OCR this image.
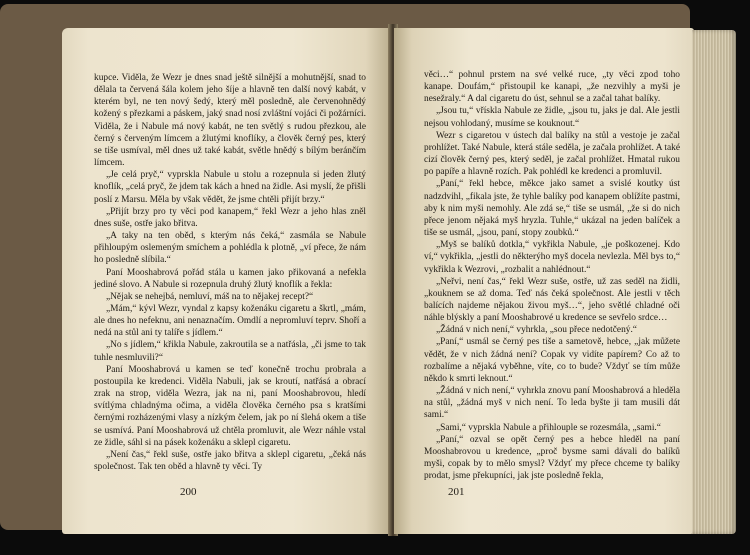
kupce. Viděla, že Wezr je dnes snad ještě silnější a mohutnější, snad to dělala ta červená šála kolem jeho šíje a hlavně ten další nový kabát, v kterém byl, ne ten nový šedý, který měl posledně, ale červenohnědý kožený s přezkami a páskem, jaký snad nosí zvláštní vojáci či požárníci. Viděla, že i Nabule má nový kabát, ne ten světlý s rudou přezkou, ale černý s červeným límcem a žlutými knoflíky, a člověk černý pes, který se tiše usmíval, měl dnes už také kabát, světle hnědý s bílým beránčím límcem.

„Je celá pryč,“ vyprskla Nabule u stolu a rozepnula si jeden žlutý knoflík, „celá pryč, že jdem tak kách a hned na židle. Asi myslí, že přišli poslí z Marsu. Měla by však vědět, že jsme chtěli přijít brzy.“

„Přijít brzy pro ty věci pod kanapem,“ řekl Wezr a jeho hlas zněl dnes suše, ostře jako břitva.

„A taky na ten oběd, s kterým nás čeká,“ zasmála se Nabule přihloupým oslemeným smíchem a pohlédla k plotně, „ví přece, že nám ho posledně slíbila.“

Paní Mooshabrová pořád stála u kamen jako přikovaná a nefekla jediné slovo. A Nabule si rozepnula druhý žlutý knoflík a řekla:

„Nějak se nehejbá, nemluví, máš na to nějakej recept?“

„Mám,“ kývl Wezr, vyndal z kapsy koženáku cigaretu a škrtl, „mám, ale dnes ho nefeknu, ani nenaznačím. Omdlí a nepromluví teprv. Shoří a nedá na stůl ani ty talíře s jídlem.“

„No s jídlem,“ křikla Nabule, zakroutila se a natřásla, „či jsme to tak tuhle nesmluvili?“

Paní Mooshabrová u kamen se teď konečně trochu probrala a postoupila ke kredenci. Viděla Nabuli, jak se kroutí, natřásá a obrací zrak na strop, viděla Wezra, jak na ni, paní Mooshabrovou, hledí svítlýma chladnýma očima, a viděla člověka černého psa s kratšími černými rozházenými vlasy a nízkým čelem, jak po ní šlehá okem a tiše se usmívá. Paní Mooshabrová už chtěla promluvit, ale Wezr náhle vstal ze židle, sáhl si na pásek koženáku a sklepl cigaretu.

„Není čas,“ řekl suše, ostře jako břitva a sklepl cigaretu, „čeká nás společnost. Tak ten oběd a hlavně ty věci. Ty

200

věci…“ pohnul prstem na své velké ruce, „ty věci zpod toho kanape. Doufám,“ přistoupil ke kanapi, „že nezvihly a myši je nesežraly.“ A dal cigaretu do úst, sehnul se a začal tahat balíky.

„Jsou tu,“ vřískla Nabule ze židle, „jsou tu, jaks je dal. Ale jestli nejsou vohlodaný, musíme se kouknout.“

Wezr s cigaretou v ústech dal balíky na stůl a vestoje je začal prohlížet. Také Nabule, která stále seděla, je začala prohlížet. A také cizí člověk černý pes, který seděl, je začal prohlížet. Hmatal rukou po papíře a hlavně rozích. Pak pohlédl ke kredenci a promluvil.

„Paní,“ řekl hebce, měkce jako samet a svislé koutky úst nadzdvihl, „fikala jste, že tyhle balíky pod kanapem oblížíte pastmi, aby k nim myši nemohly. Ale zdá se,“ tiše se usmál, „že si do nich přece jenom nějaká myš hryzla. Tuhle,“ ukázal na jeden balíček a tiše se usmál, „jsou, paní, stopy zoubků.“

„Myš se balíků dotkla,“ vykřikla Nabule, „je poškozenej. Kdo ví,“ vykřikla, „jestli do některýho myš docela nevlezla. Měl bys to,“ vykřikla k Wezrovi, „rozbalit a nahlédnout.“

„Neřvi, není čas,“ řekl Wezr suše, ostře, už zas seděl na židli, „kouknem se až doma. Teď nás čeká společnost. Ale jestli v těch balících najdeme nějakou živou myš…“, jeho světlé chladné oči náhle blýskly a paní Mooshabrové u kredence se sevřelo srdce…

„Žádná v nich není,“ vyhrkla, „sou přece nedotčený.“

„Paní,“ usmál se černý pes tiše a sametově, hebce, „jak můžete vědět, že v nich žádná není? Copak vy vidíte papírem? Co až to rozbalíme a nějaká vyběhne, víte, co to bude? Vždyť se tím může někdo k smrti leknout.“

„Žádná v nich není,“ vyhrkla znovu paní Mooshabrová a hleděla na stůl, „žádná myš v nich není. To leda byšte ji tam musili dát sami.“

„Sami,“ vyprskla Nabule a přihlouple se rozesmála, „sami.“

„Paní,“ ozval se opět černý pes a hebce hleděl na paní Mooshabrovou u kredence, „proč bysme sami dávali do balíků myši, copak by to mělo smysl? Vždyť my přece chceme ty balíky prodat, jsme překupníci, jak jste posledně řekla,

201
